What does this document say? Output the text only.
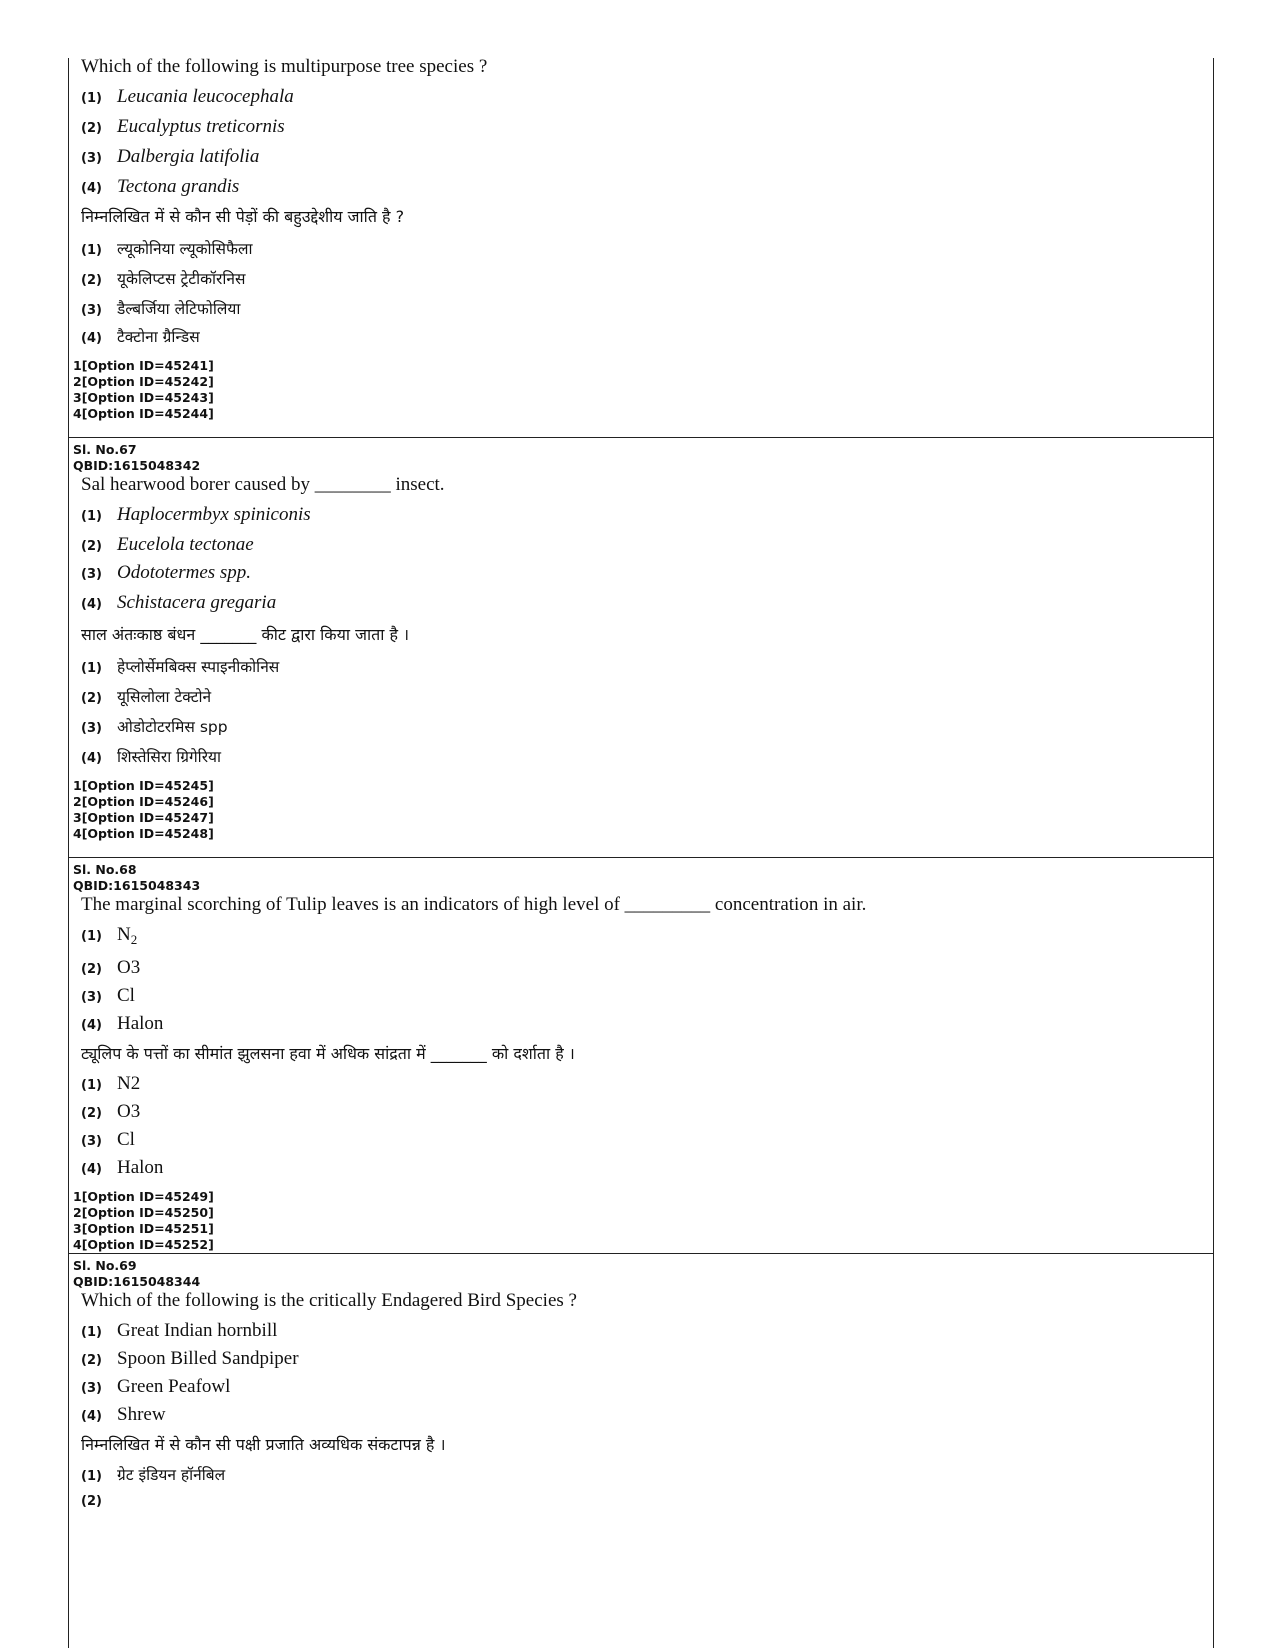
Which of the following is multipurpose tree species ?

(1) Leucania leucocephala

(2) Eucalyptus treticornis

(3) Dalbergia latifolia

(4) Tectona grandis

निम्नलिखित में से कौन सी पेड़ों की बहुउद्देशीय जाति है ?

(1) ल्यूकोनिया ल्यूकोसिफैला

(2) यूकेलिप्टस ट्रेटीकॉरनिस

(3) डैल्बर्जिया लेटिफोलिया

(4) टैक्टोना ग्रैन्डिस

1[Option ID=45241]
2[Option ID=45242]
3[Option ID=45243]
4[Option ID=45244]
Sl. No.67
QBID:1615048342

Sal hearwood borer caused by ________ insect.

(1) Haplocermbyx spiniconis

(2) Eucelola tectonae

(3) Odototermes spp.

(4) Schistacera gregaria

साल अंतःकाष्ठ बंधन _______ कीट द्वारा किया जाता है ।

(1) हेप्लोर्सेमबिक्स स्पाइनीकोनिस

(2) यूसिलोला टेक्टोने

(3) ओडोटोटरमिस spp

(4) शिस्तेसिरा ग्रिगेरिया

1[Option ID=45245]
2[Option ID=45246]
3[Option ID=45247]
4[Option ID=45248]
Sl. No.68
QBID:1615048343

The marginal scorching of Tulip leaves is an indicators of high level of _________ concentration in air.

(1) $N_2$

(2) O3

(3) Cl

(4) Halon

ट्यूलिप के पत्तों का सीमांत झुलसना हवा में अधिक सांद्रता में _______ को दर्शाता है ।

(1) N2

(2) O3

(3) Cl

(4) Halon

1[Option ID=45249]
2[Option ID=45250]
3[Option ID=45251]
4[Option ID=45252]
Sl. No.69
QBID:1615048344

Which of the following is the critically Endagered Bird Species ?

(1) Great Indian hornbill

(2) Spoon Billed Sandpiper

(3) Green Peafowl

(4) Shrew

निम्नलिखित में से कौन सी पक्षी प्रजाति अव्यधिक संकटापन्न है ।

(1) ग्रेट इंडियन हॉर्नबिल

(2)
